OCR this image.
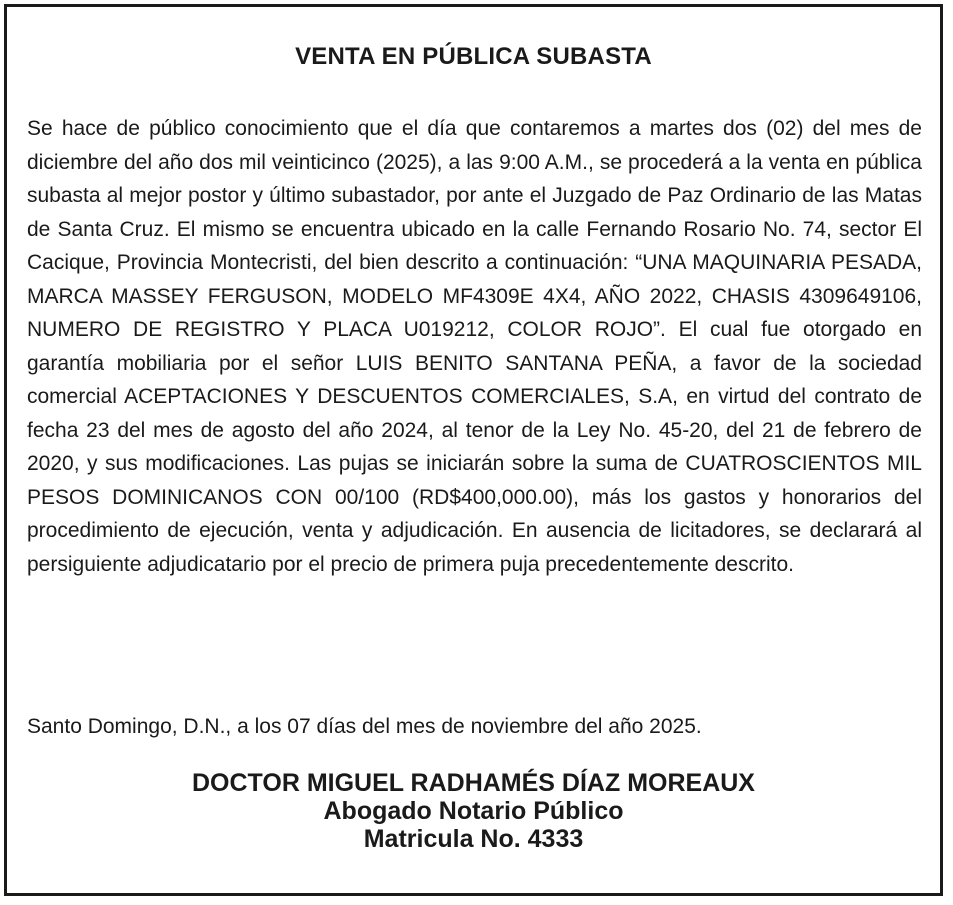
VENTA EN PÚBLICA SUBASTA

Se hace de público conocimiento que el día que contaremos a martes dos (02) del mes de diciembre del año dos mil veinticinco (2025), a las 9:00 A.M., se procederá a la venta en pública subasta al mejor postor y último subastador, por ante el Juzgado de Paz Ordinario de las Matas de Santa Cruz. El mismo se encuentra ubicado en la calle Fernando Rosario No. 74, sector El Cacique, Provincia Montecristi, del bien descrito a continuación: “UNA MAQUINARIA PESADA, MARCA MASSEY FERGUSON, MODELO MF4309E 4X4, AÑO 2022, CHASIS 4309649106, NUMERO DE REGISTRO Y PLACA U019212, COLOR ROJO”. El cual fue otorgado en garantía mobiliaria por el señor LUIS BENITO SANTANA PEÑA, a favor de la sociedad comercial ACEPTACIONES Y DESCUENTOS COMERCIALES, S.A, en virtud del contrato de fecha 23 del mes de agosto del año 2024, al tenor de la Ley No. 45-20, del 21 de febrero de 2020, y sus modificaciones. Las pujas se iniciarán sobre la suma de CUATROSCIENTOS MIL PESOS DOMINICANOS CON 00/100 (RD$400,000.00), más los gastos y honorarios del procedimiento de ejecución, venta y adjudicación. En ausencia de licitadores, se declarará al persiguiente adjudicatario por el precio de primera puja precedentemente descrito.

Santo Domingo, D.N., a los 07 días del mes de noviembre del año 2025.

DOCTOR MIGUEL RADHAMÉS DÍAZ MOREAUX
Abogado Notario Público
Matricula No. 4333
